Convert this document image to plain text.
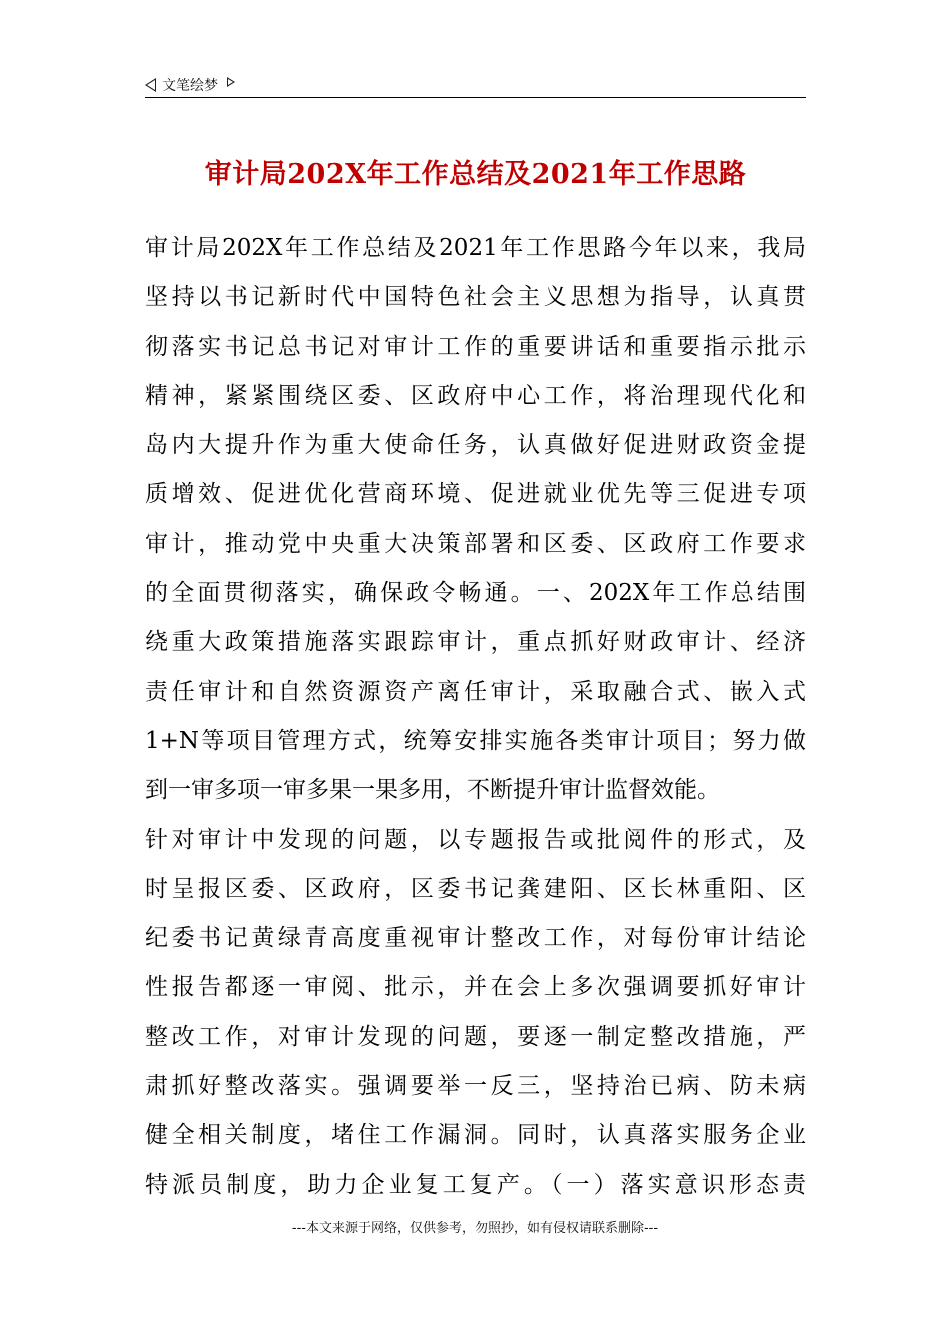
文笔绘梦
审计局202X年工作总结及2021年工作思路
审计局202X年工作总结及2021年工作思路今年以来，我局
坚持以书记新时代中国特色社会主义思想为指导，认真贯
彻落实书记总书记对审计工作的重要讲话和重要指示批示
精神，紧紧围绕区委、区政府中心工作，将治理现代化和
岛内大提升作为重大使命任务，认真做好促进财政资金提
质增效、促进优化营商环境、促进就业优先等三促进专项
审计，推动党中央重大决策部署和区委、区政府工作要求
的全面贯彻落实，确保政令畅通。一、202X年工作总结围
绕重大政策措施落实跟踪审计，重点抓好财政审计、经济
责任审计和自然资源资产离任审计，采取融合式、嵌入式
1+N等项目管理方式，统筹安排实施各类审计项目；努力做
到一审多项一审多果一果多用，不断提升审计监督效能。
针对审计中发现的问题，以专题报告或批阅件的形式，及
时呈报区委、区政府，区委书记龚建阳、区长林重阳、区
纪委书记黄绿青高度重视审计整改工作，对每份审计结论
性报告都逐一审阅、批示，并在会上多次强调要抓好审计
整改工作，对审计发现的问题，要逐一制定整改措施，严
肃抓好整改落实。强调要举一反三，坚持治已病、防未病
健全相关制度，堵住工作漏洞。同时，认真落实服务企业
特派员制度，助力企业复工复产。（一）落实意识形态责
---本文来源于网络，仅供参考，勿照抄，如有侵权请联系删除---
